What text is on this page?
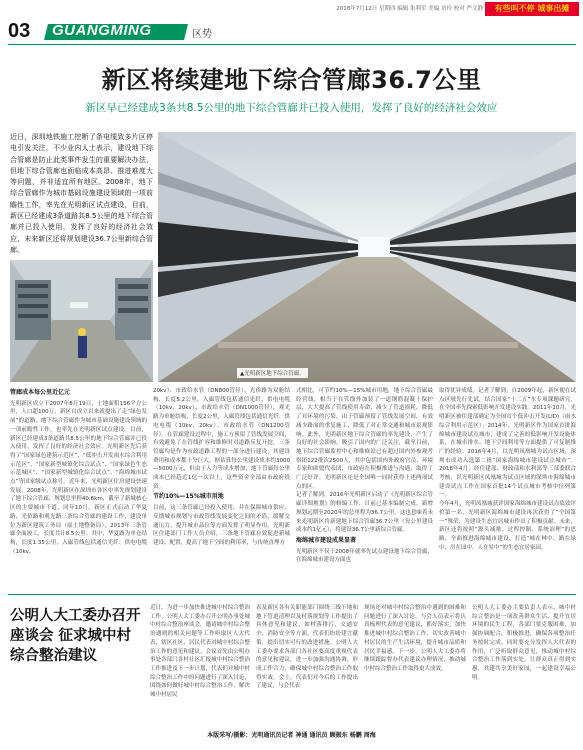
2018年7月12日 星期四 编辑 朱利军 美编 章玲 校对 严文静	有些叫不停 城事出摊
03 GUANGMING	区势
新区将续建地下综合管廊36.7公里
新区早已经建成3条共8.5公里的地下综合管廊并已投入使用，发挥了良好的经济社会效应
近日，深圳地铁施工挖断了条电缆致多片区停电引发关注，不少业内人士表示，建设地下综合管廊是防止此类事件发生的重要解决办法，但地下综合管廊也面临成本高昂、推进难度大等问题，并非适宜所有地区。2008年，地下综合管廊作为城市基础设施建设领域的一项前瞻性工作，率先在光明新区试点建设，目前，新区已经建成3条道路共8.5公里的地下综合管廊并已投入使用，发挥了良好的经济社会效应，未来新区还将规划建设36.7公里新综合管廊。
▲光明新区地下综合管廊。
管廊成本每公里近亿元
光明新区成立于2007年8月19日，土地面积156平方公里，人口超100万，新区自成立以来就提出了走“绿色发展”的道路，地下综合管廊作为城市基础设施建设领域的一项前瞻性工作，也率先在光明新区试点建设。目前，新区已经建成3条道路共8.5公里的地下综合管廊并已投入使用，发挥了良好的经济社会效应。光明新区先后获得了“国家绿色建筑示范区”、“低冲击开发雨水综合利用示范区”、“国家新型城镇化综合试点”、“国家绿色生态示范城区”、“国家新型城镇化综合试点”、“海绵城市试点”等国家级试点称号。近年来，光明新区住房建设快速发展，2008年，光明新区在深圳市各区中率先规划建设了地下综合管廊，规划总里程40.6km，截至了新城核心区的主要城市干道，同年10月，新区正式启动了华夏路、光侨路和观光路三条综合管廊的建设工作，建设单位为新区建筑工务局（原土地整备局），2013年三条管廊全面竣工，长度共计8.5公里。其中，华夏路为单仓结构，长度1.35公里，入廊管线包括通信光纤、供电电缆（10kv、
20kv）、市政给水管（DN800管径）、光侨路为双舱结构，长度5.2公里，入廊管线包括通信光纤、供电电缆（10kv、20kv）、市政给水管（DN1000管径），观光路为单舱结构，长度2公里，入廊管线包括通信光纤、供电电缆（10kv、20kv）、市政给水管（DN1200管径）。在管廊建设过程中，施工方预留了管线发展空间，有效避免了在管线扩容和维修时对道路反复开挖。三条管廊均是作为市政道路工程的一部分进行建设，其建设费用和成本都十分巨大，据估算每公里建设成本约3000—5000万元，但由于入力等成本增加，地下管廊每公里成本已经趋近1亿一次以上，这些资金全部由市政府投资。
节约10%—15%城市用地
目前，这三条管廊已经投入使用，并在保障城市供应、反馈城市规划与市政管线发展变化之间的矛盾，缓解交通压力、提升城市品位等方面发挥了明显作用。光明新区住建部门工作人员介绍，三条地下管廊有效促进新城建设、配置，提高了地下空间的利用率，与传统直埋方
式相比，可节约10%—15%城市用地，地下综合管廊最经营线，相当于在管线外加装了一道钢筋混凝土保护层，大大提高了管线使用寿命，减少了管道损耗，降低了对环境的污染，由于管廊预留了管线发展空间，有效减少路面的重复施工，降低了对正常交通和城市景观影响。此外，光明新区地下综合管廊的率先建设，产生了良好的社会影响，吸引了国内的广泛关注，截至目前，地下综合管廊监控中心和维修站已有超过国内外参观考察团122批次2500人，其中包括国内外政府官员、环境专家和欧盟代表团，市政府在积极推进与沟通，取得了广泛好评。光明新区还是全国唯一同时获得上述两项试点的区。
记者了解到，2016年光明新区启动了《光明新区综合管廊详细规划》的修编工作，目前已基本编制完成，新增规划远期至2020年的总里程为36.7公里，这也意味着未来光明新区将新建地下综合管廊36.7公里（每公里建设成本约1亿元），将建设36.7公里新综合管廊。
海绵城市建设成果显著
光明新区不仅于2008年就率先试点建设地下综合管廊，在海绵城市建设方面也
取得优异成绩。记者了解到，自2009年起，新区便在试点区域先行先试，结合国家“十二五”水专项课题研究，在全国率先探索低影响开发建设实践。2011年10月，光明新区被住建部确定为全国首个低冲击开发(LID)（雨水综合利用示范区）；2014年，光明新区作为国家首批海绵城市建设试点城市，建成了完善的低影响开发设施体系，在城市排水、地下空间利用等方面提供了可复制推广的经验。2016年4月，以光明凤凰城为试点区域，深圳市成功入选第二批“国家海绵城市建设试点城市”。2018年4月，经住建部、财政部和水利部等三部委联合考核，以光明新区凤凰城为试点区域的深圳市海绵城市建设试点工作在国家首批14个试点城市考核中位列第一。
今年4月，光明凤凰城获评国家海绵城市建设试点绩效评价第一名，光明新区海绵城市建设再次获得了“全国第一”殊荣，为建设生态宜居城市作出了积极贡献。未来，新区还将按照“源头减排、过程控制、系统治理”的思路，全面推进海绵城市建设，打造“城在林中、路在绿中、房在园中、人在景中”的生态宜居家园。
公明人大工委办召开座谈会 征求城中村综合整治建议
近日，为进一步加快推进城中村综合整治工作，公明人大工委办召开公明办事处城中村综合整治座谈会，邀请城中村综合整治遇到的相关问题等工作听取区人大代表、辖区社区、居民代表对城中村综合整治工作的意见和建议。会议首先由公明办事处各部门各村社区汇报城中村综合整治工作推进及下一步计划，代表们对城中村综合整治工作中的问题进行了深入讨论，围绕如何做好城中村综合整治工作、解决城中村居民
表及新区各有关职能部门围绕三线下地和地下管道清理以及村落规划等工作提出了具体意见和建议，如村落排污、交通安全、消防安全等方面，代表们纷纷建言献策，提出切实可行的改进措施。公明人大工委办要求各部门各社区要高度重视代表的意见和建议，进一步加强沟通协调，形成工作合力，确保城中村综合整治工作取得实效。会上，代表们对今后的工作提出了建议，与会代表
现场还对城中村综合整治中遇到的困难和问题进行了深入讨论，与会人员表示将认真梳理代表的意见建议，抓好落实，加快推进城中村综合整治工作，切实改善城中村居民的生产生活环境，提升城市品质和居民幸福感。下一步，公明人大工委办将继续跟踪督办代表建议办理情况，推动城中村综合整治工作取得更大成效。
公明人大工委办主要负责人表示，城中村综合整治是一项改善群众生活、提升宜居环境的民生工程，各部门要克服困难，加强协调配合，积极推进，确保各项整治任务按时完成。同时要充分发挥人大代表的作用，广泛听取群众意见，推动城中村综合整治工作落到实处，让群众真正得到实惠，共建共享美好家园，一起建设幸福公明。
本版采写/摄影：光明通讯员记者 神通 通讯员 顾振东 杨鹏 周海
